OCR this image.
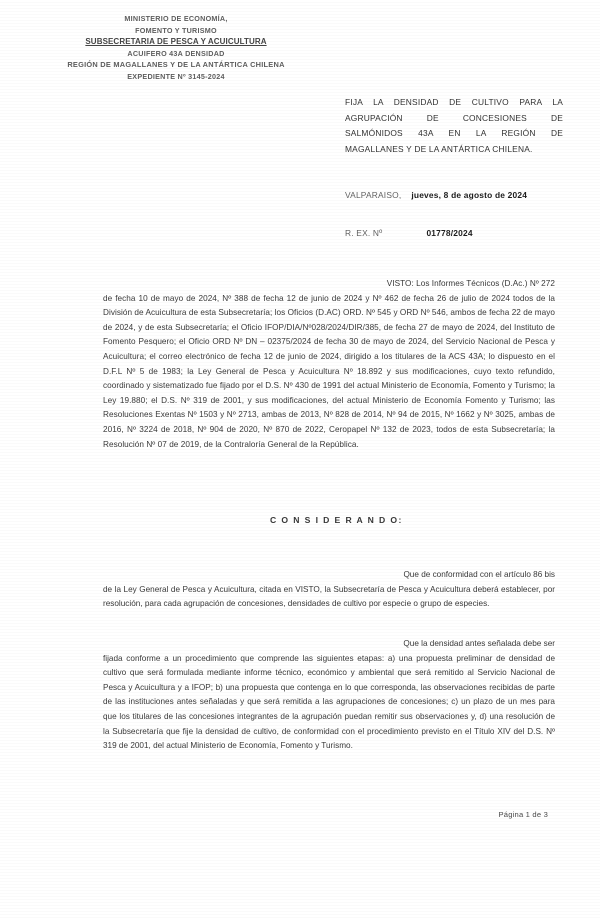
MINISTERIO DE ECONOMÍA,
FOMENTO Y TURISMO
SUBSECRETARIA DE PESCA Y ACUICULTURA
ACUIFERO 43A DENSIDAD
REGIÓN DE MAGALLANES Y DE LA ANTÁRTICA CHILENA
EXPEDIENTE Nº 3145-2024
FIJA LA DENSIDAD DE CULTIVO PARA LA
AGRUPACIÓN DE CONCESIONES DE
SALMÓNIDOS 43A EN LA REGIÓN DE
MAGALLANES Y DE LA ANTÁRTICA CHILENA.
VALPARAISO, jueves, 8 de agosto de 2024
R. EX. Nº	01778/2024

VISTO: Los Informes Técnicos (D.Ac.) Nº 272
de fecha 10 de mayo de 2024, Nº 388 de fecha 12 de junio de 2024 y Nº 462 de fecha 26 de julio de 2024 todos de la División de Acuicultura de esta Subsecretaría; los Oficios (D.AC) ORD. Nº 545 y ORD Nº 546, ambos de fecha 22 de mayo de 2024, y de esta Subsecretaría; el Oficio IFOP/DIA/Nº028/2024/DIR/385, de fecha 27 de mayo de 2024, del Instituto de Fomento Pesquero; el Oficio ORD Nº DN – 02375/2024 de fecha 30 de mayo de 2024, del Servicio Nacional de Pesca y Acuicultura; el correo electrónico de fecha 12 de junio de 2024, dirigido a los titulares de la ACS 43A; lo dispuesto en el D.F.L Nº 5 de 1983; la Ley General de Pesca y Acuicultura Nº 18.892 y sus modificaciones, cuyo texto refundido, coordinado y sistematizado fue fijado por el D.S. Nº 430 de 1991 del actual Ministerio de Economía, Fomento y Turismo; la Ley 19.880; el D.S. Nº 319 de 2001, y sus modificaciones, del actual Ministerio de Economía Fomento y Turismo; las Resoluciones Exentas Nº 1503 y Nº 2713, ambas de 2013, Nº 828 de 2014, Nº 94 de 2015, Nº 1662 y Nº 3025, ambas de 2016, Nº 3224 de 2018, Nº 904 de 2020, Nº 870 de 2022, Ceropapel Nº 132 de 2023, todos de esta Subsecretaría; la Resolución Nº 07 de 2019, de la Contraloría General de la República.

C O N S I D E R A N D O:
Que de conformidad con el artículo 86 bis
de la Ley General de Pesca y Acuicultura, citada en VISTO, la Subsecretaría de Pesca y Acuicultura deberá establecer, por resolución, para cada agrupación de concesiones, densidades de cultivo por especie o grupo de especies.
Que la densidad antes señalada debe ser
fijada conforme a un procedimiento que comprende las siguientes etapas: a) una propuesta preliminar de densidad de cultivo que será formulada mediante informe técnico, económico y ambiental que será remitido al Servicio Nacional de Pesca y Acuicultura y a IFOP; b) una propuesta que contenga en lo que corresponda, las observaciones recibidas de parte de las instituciones antes señaladas y que será remitida a las agrupaciones de concesiones; c) un plazo de un mes para que los titulares de las concesiones integrantes de la agrupación puedan remitir sus observaciones y, d) una resolución de la Subsecretaría que fije la densidad de cultivo, de conformidad con el procedimiento previsto en el Título XIV del D.S. Nº 319 de 2001, del actual Ministerio de Economía, Fomento y Turismo.
Página 1 de 3
